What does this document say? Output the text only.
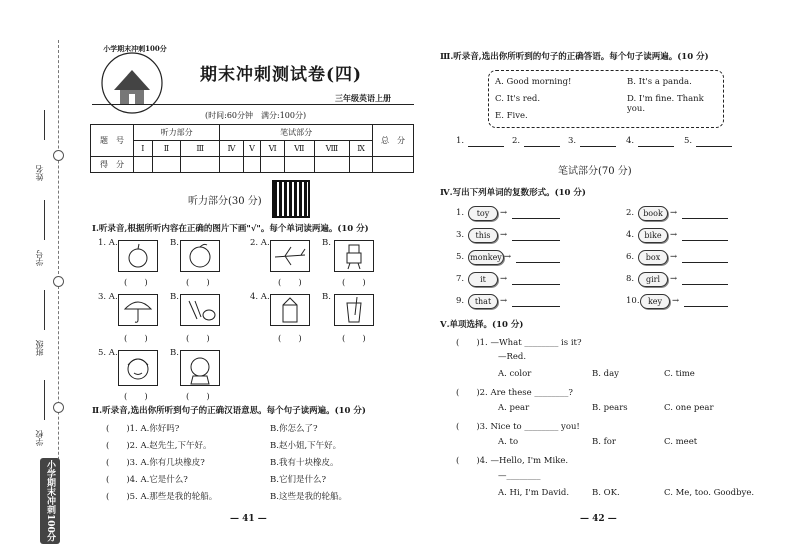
姓名
学号
班级
学校
小学期末冲刺100分
小学期末冲刺100分
期末冲刺测试卷(四)
三年级英语上册
(时间:60分钟　满分:100分)
题　号	听力部分			笔试部分						总　分
	Ⅰ	Ⅱ	Ⅲ	Ⅳ	Ⅴ	Ⅵ	Ⅶ	Ⅷ	Ⅸ	
得　分										
听力部分(30 分)
Ⅰ.听录音,根据所听内容在正确的图片下画"√"。每个单词读两遍。(10 分)
1. A.	B.
(　　)	(　　)
2. A.	B.
(　　)	(　　)
3. A.	B.
(　　)	(　　)
4. A.	B.
(　　)	(　　)
5. A.	B.
(　　)	(　　)
Ⅱ.听录音,选出你所听到句子的正确汉语意思。每个句子读两遍。(10 分)
(　　)1. A.你好吗?	B.你怎么了?
(　　)2. A.赵先生,下午好。	B.赵小姐,下午好。
(　　)3. A.你有几块橡皮?	B.我有十块橡皮。
(　　)4. A.它是什么?	B.它们是什么?
(　　)5. A.那些是我的轮船。	B.这些是我的轮船。
— 41 —
Ⅲ.听录音,选出你所听到的句子的正确答语。每个句子读两遍。(10 分)
A. Good morning!	B. It's a panda.
C. It's red.	D. I'm fine. Thank you.
E. Five.
1.	2.	3.	4.	5.
笔试部分(70 分)
Ⅳ.写出下列单词的复数形式。(10 分)
1.	toy	→
3.	this	→
5. monkey →
7.	it	→
9.	that	→
2.	book →
4.	bike →
6.	box	→
8.	girl	→
10.	key	→
Ⅴ.单项选择。(10 分)
(　　)1. —What ________ is it?
—Red.
A. color	B. day	C. time
(　　)2. Are these ________?
A. pear	B. pears	C. one pear
(　　)3. Nice to ________ you!
A. to	B. for	C. meet
(　　)4. —Hello, I'm Mike.
—________
A. Hi, I'm David.	B. OK.	C. Me, too. Goodbye.
— 42 —
